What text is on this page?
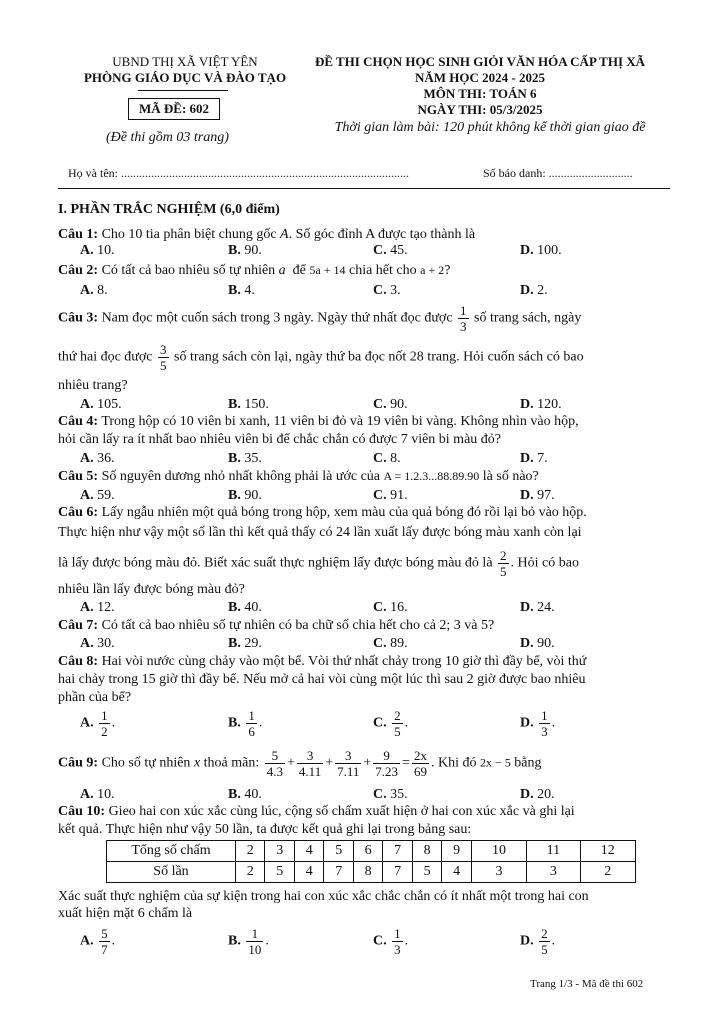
UBND THỊ XÃ VIỆT YÊN
PHÒNG GIÁO DỤC VÀ ĐÀO TẠO
MÃ ĐỀ: 602
(Đề thi gồm 03 trang)
ĐỀ THI CHỌN HỌC SINH GIỎI VĂN HÓA CẤP THỊ XÃ
NĂM HỌC 2024 - 2025
MÔN THI: TOÁN 6
NGÀY THI: 05/3/2025
Thời gian làm bài: 120 phút không kể thời gian giao đề
Họ và tên: ................................................................................................	Số báo danh: ............................
I. PHẦN TRẮC NGHIỆM (6,0 điểm)
Câu 1: Cho 10 tia phân biệt chung gốc A. Số góc đỉnh A được tạo thành là
A. 10.	B. 90.	C. 45.	D. 100.
Câu 2: Có tất cả bao nhiêu số tự nhiên a để 5a + 14 chia hết cho a + 2?
A. 8.	B. 4.	C. 3.	D. 2.
Câu 3: Nam đọc một cuốn sách trong 3 ngày. Ngày thứ nhất đọc được $\frac{1}{3}$ số trang sách, ngày
thứ hai đọc được $\frac{3}{5}$ số trang sách còn lại, ngày thứ ba đọc nốt 28 trang. Hỏi cuốn sách có bao
nhiêu trang?
A. 105.	B. 150.	C. 90.	D. 120.
Câu 4: Trong hộp có 10 viên bi xanh, 11 viên bi đỏ và 19 viên bi vàng. Không nhìn vào hộp,
hỏi cần lấy ra ít nhất bao nhiêu viên bi để chắc chắn có được 7 viên bi màu đỏ?
A. 36.	B. 35.	C. 8.	D. 7.
Câu 5: Số nguyên dương nhỏ nhất không phải là ước của A = 1.2.3...88.89.90 là số nào?
A. 59.	B. 90.	C. 91.	D. 97.
Câu 6: Lấy ngẫu nhiên một quả bóng trong hộp, xem màu của quả bóng đó rồi lại bỏ vào hộp.
Thực hiện như vậy một số lần thì kết quả thấy có 24 lần xuất lấy được bóng màu xanh còn lại
là lấy được bóng màu đỏ. Biết xác suất thực nghiệm lấy được bóng màu đỏ là $\frac{2}{5}$ . Hỏi có bao
nhiêu lần lấy được bóng màu đỏ?
A. 12.	B. 40.	C. 16.	D. 24.
Câu 7: Có tất cả bao nhiêu số tự nhiên có ba chữ số chia hết cho cả 2; 3 và 5?
A. 30.	B. 29.	C. 89.	D. 90.
Câu 8: Hai vòi nước cùng chảy vào một bể. Vòi thứ nhất chảy trong 10 giờ thì đầy bể, vòi thứ
hai chảy trong 15 giờ thì đầy bể. Nếu mở cả hai vòi cùng một lúc thì sau 2 giờ được bao nhiêu
phần của bể?
A. $\frac{1}{2}$ .	B. $\frac{1}{6}$ .	C. $\frac{2}{5}$ .	D. $\frac{1}{3}$ .
Câu 9: Cho số tự nhiên x thoả mãn: $\frac{5}{4.3} + \frac{3}{4.11} + \frac{3}{7.11} + \frac{9}{7.23} = \frac{2x}{69}$ . Khi đó 2x − 5 bằng
A. 10.	B. 40.	C. 35.	D. 20.
Câu 10: Gieo hai con xúc xắc cùng lúc, cộng số chấm xuất hiện ở hai con xúc xắc và ghi lại
kết quả. Thực hiện như vậy 50 lần, ta được kết quả ghi lại trong bảng sau:
Tổng số chấm	2	3	4	5	6	7	8	9	10	11	12
Số lần	2	5	4	7	8	7	5	4	3	3	2
Xác suất thực nghiệm của sự kiện trong hai con xúc xắc chắc chắn có ít nhất một trong hai con
xuất hiện mặt 6 chấm là
A. $\frac{5}{7}$ .	B. $\frac{1}{10}$ .	C. $\frac{1}{3}$ .	D. $\frac{2}{5}$ .
Trang 1/3 - Mã đề thi 602
